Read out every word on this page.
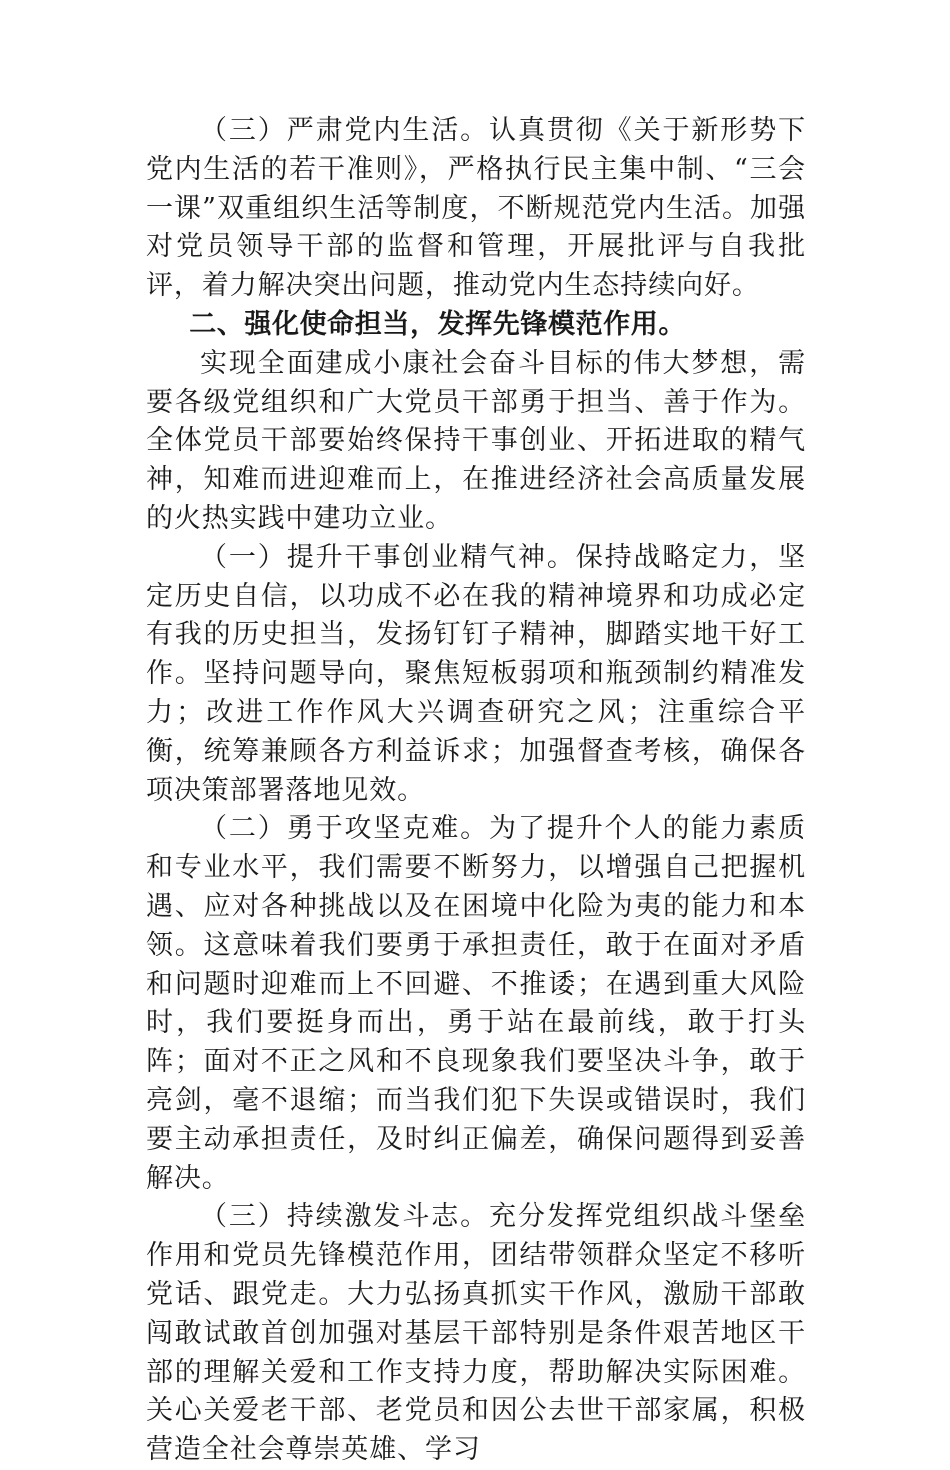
（三）严肃党内生活。认真贯彻《关于新形势下党内生活的若干准则》，严格执行民主集中制、“三会一课”双重组织生活等制度，不断规范党内生活。加强对党员领导干部的监督和管理，开展批评与自我批评，着力解决突出问题，推动党内生态持续向好。

二、强化使命担当，发挥先锋模范作用。

实现全面建成小康社会奋斗目标的伟大梦想，需要各级党组织和广大党员干部勇于担当、善于作为。全体党员干部要始终保持干事创业、开拓进取的精气神，知难而进迎难而上，在推进经济社会高质量发展的火热实践中建功立业。

（一）提升干事创业精气神。保持战略定力，坚定历史自信，以功成不必在我的精神境界和功成必定有我的历史担当，发扬钉钉子精神，脚踏实地干好工作。坚持问题导向，聚焦短板弱项和瓶颈制约精准发力；改进工作作风大兴调查研究之风；注重综合平衡，统筹兼顾各方利益诉求；加强督查考核，确保各项决策部署落地见效。

（二）勇于攻坚克难。为了提升个人的能力素质和专业水平，我们需要不断努力，以增强自己把握机遇、应对各种挑战以及在困境中化险为夷的能力和本领。这意味着我们要勇于承担责任，敢于在面对矛盾和问题时迎难而上不回避、不推诿；在遇到重大风险时，我们要挺身而出，勇于站在最前线，敢于打头阵；面对不正之风和不良现象我们要坚决斗争，敢于亮剑，毫不退缩；而当我们犯下失误或错误时，我们要主动承担责任，及时纠正偏差，确保问题得到妥善解决。

（三）持续激发斗志。充分发挥党组织战斗堡垒作用和党员先锋模范作用，团结带领群众坚定不移听党话、跟党走。大力弘扬真抓实干作风，激励干部敢闯敢试敢首创加强对基层干部特别是条件艰苦地区干部的理解关爱和工作支持力度，帮助解决实际困难。关心关爱老干部、老党员和因公去世干部家属，积极营造全社会尊崇英雄、学习
